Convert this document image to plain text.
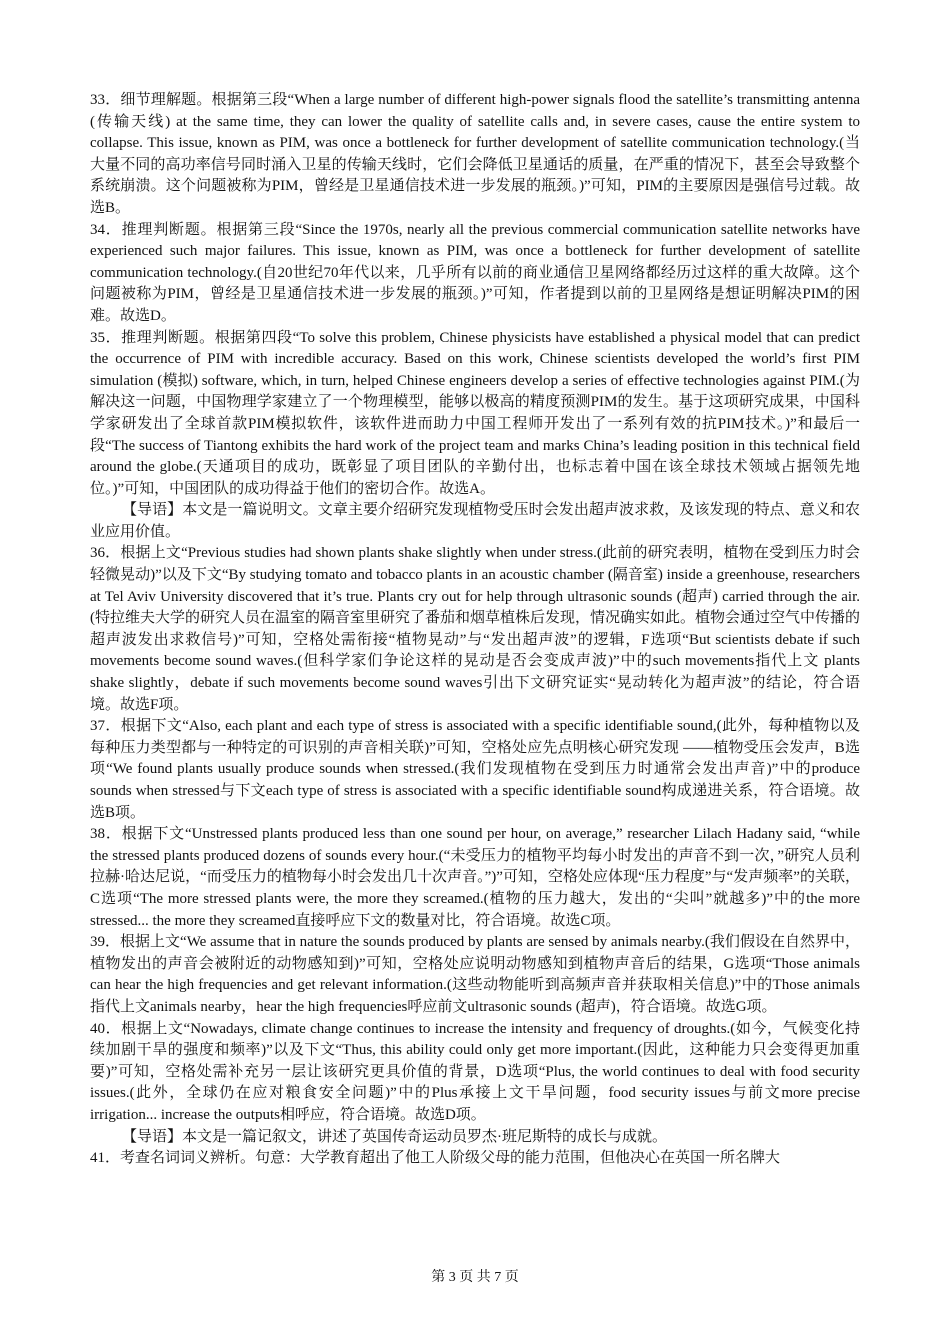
33．细节理解题。根据第三段“When a large number of different high-power signals flood the satellite’s transmitting antenna (传输天线) at the same time, they can lower the quality of satellite calls and, in severe cases, cause the entire system to collapse. This issue, known as PIM, was once a bottleneck for further development of satellite communication technology.(当大量不同的高功率信号同时涌入卫星的传输天线时，它们会降低卫星通话的质量，在严重的情况下，甚至会导致整个系统崩溃。这个问题被称为PIM，曾经是卫星通信技术进一步发展的瓶颈。)”可知，PIM的主要原因是强信号过载。故选B。

34．推理判断题。根据第三段“Since the 1970s, nearly all the previous commercial communication satellite networks have experienced such major failures. This issue, known as PIM, was once a bottleneck for further development of satellite communication technology.(自20世纪70年代以来，几乎所有以前的商业通信卫星网络都经历过这样的重大故障。这个问题被称为PIM，曾经是卫星通信技术进一步发展的瓶颈。)”可知，作者提到以前的卫星网络是想证明解决PIM的困难。故选D。

35．推理判断题。根据第四段“To solve this problem, Chinese physicists have established a physical model that can predict the occurrence of PIM with incredible accuracy. Based on this work, Chinese scientists developed the world’s first PIM simulation (模拟) software, which, in turn, helped Chinese engineers develop a series of effective technologies against PIM.(为解决这一问题，中国物理学家建立了一个物理模型，能够以极高的精度预测PIM的发生。基于这项研究成果，中国科学家研发出了全球首款PIM模拟软件，该软件进而助力中国工程师开发出了一系列有效的抗PIM技术。)”和最后一段“The success of Tiantong exhibits the hard work of the project team and marks China’s leading position in this technical field around the globe.(天通项目的成功，既彰显了项目团队的辛勤付出，也标志着中国在该全球技术领域占据领先地位。)”可知，中国团队的成功得益于他们的密切合作。故选A。

【导语】本文是一篇说明文。文章主要介绍研究发现植物受压时会发出超声波求救，及该发现的特点、意义和农业应用价值。

36．根据上文“Previous studies had shown plants shake slightly when under stress.(此前的研究表明，植物在受到压力时会轻微晃动)”以及下文“By studying tomato and tobacco plants in an acoustic chamber (隔音室) inside a greenhouse, researchers at Tel Aviv University discovered that it’s true. Plants cry out for help through ultrasonic sounds (超声) carried through the air.(特拉维夫大学的研究人员在温室的隔音室里研究了番茄和烟草植株后发现，情况确实如此。植物会通过空气中传播的超声波发出求救信号)”可知，空格处需衔接“植物晃动”与“发出超声波”的逻辑，F选项“But scientists debate if such movements become sound waves.(但科学家们争论这样的晃动是否会变成声波)”中的such movements指代上文 plants shake slightly，debate if such movements become sound waves引出下文研究证实“晃动转化为超声波”的结论，符合语境。故选F项。

37．根据下文“Also, each plant and each type of stress is associated with a specific identifiable sound,(此外，每种植物以及每种压力类型都与一种特定的可识别的声音相关联)”可知，空格处应先点明核心研究发现 ——植物受压会发声，B选项“We found plants usually produce sounds when stressed.(我们发现植物在受到压力时通常会发出声音)”中的produce sounds when stressed与下文each type of stress is associated with a specific identifiable sound构成递进关系，符合语境。故选B项。

38．根据下文“Unstressed plants produced less than one sound per hour, on average,” researcher Lilach Hadany said, “while the stressed plants produced dozens of sounds every hour.(“未受压力的植物平均每小时发出的声音不到一次，”研究人员利拉赫·哈达尼说，“而受压力的植物每小时会发出几十次声音。”)”可知，空格处应体现“压力程度”与“发声频率”的关联，C选项“The more stressed plants were, the more they screamed.(植物的压力越大，发出的“尖叫”就越多)”中的the more stressed... the more they screamed直接呼应下文的数量对比，符合语境。故选C项。

39．根据上文“We assume that in nature the sounds produced by plants are sensed by animals nearby.(我们假设在自然界中，植物发出的声音会被附近的动物感知到)”可知，空格处应说明动物感知到植物声音后的结果，G选项“Those animals can hear the high frequencies and get relevant information.(这些动物能听到高频声音并获取相关信息)”中的Those animals指代上文animals nearby，hear the high frequencies呼应前文ultrasonic sounds (超声)，符合语境。故选G项。

40．根据上文“Nowadays, climate change continues to increase the intensity and frequency of droughts.(如今，气候变化持续加剧干旱的强度和频率)”以及下文“Thus, this ability could only get more important.(因此，这种能力只会变得更加重要)”可知，空格处需补充另一层让该研究更具价值的背景，D选项“Plus, the world continues to deal with food security issues.(此外，全球仍在应对粮食安全问题)”中的Plus承接上文干旱问题，food security issues与前文more precise irrigation... increase the outputs相呼应，符合语境。故选D项。

【导语】本文是一篇记叙文，讲述了英国传奇运动员罗杰·班尼斯特的成长与成就。

41．考查名词词义辨析。句意：大学教育超出了他工人阶级父母的能力范围，但他决心在英国一所名牌大

第 3 页 共 7 页
